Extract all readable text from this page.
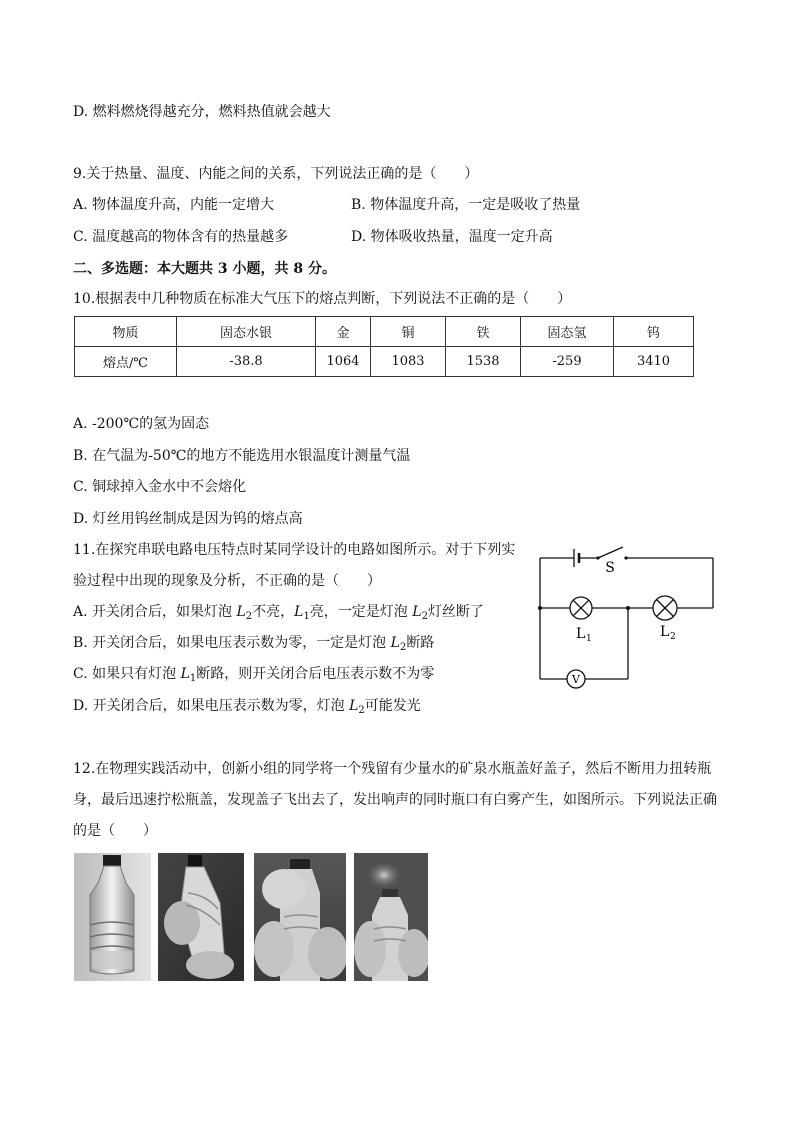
D. 燃料燃烧得越充分，燃料热值就会越大
9.关于热量、温度、内能之间的关系，下列说法正确的是（　　）
A. 物体温度升高，内能一定增大	B. 物体温度升高，一定是吸收了热量
C. 温度越高的物体含有的热量越多	D. 物体吸收热量，温度一定升高
二、多选题：本大题共 3 小题，共 8 分。
10.根据表中几种物质在标准大气压下的熔点判断，下列说法不正确的是（　　）
物质	固态水银	金	铜	铁	固态氢	钨
熔点/℃	-38.8	1064	1083	1538	-259	3410
A. -200℃的氢为固态
B. 在气温为-50℃的地方不能选用水银温度计测量气温
C. 铜球掉入金水中不会熔化
D. 灯丝用钨丝制成是因为钨的熔点高
11.在探究串联电路电压特点时某同学设计的电路如图所示。对于下列实
验过程中出现的现象及分析，不正确的是（　　）
A. 开关闭合后，如果灯泡 $L_2$不亮，$L_1$亮，一定是灯泡 $L_2$灯丝断了
B. 开关闭合后，如果电压表示数为零，一定是灯泡 $L_2$断路
C. 如果只有灯泡 $L_1$断路，则开关闭合后电压表示数不为零
D. 开关闭合后，如果电压表示数为零，灯泡 $L_2$可能发光
S
L 1	L 2
V
12.在物理实践活动中，创新小组的同学将一个残留有少量水的矿泉水瓶盖好盖子，然后不断用力扭转瓶
身，最后迅速拧松瓶盖，发现盖子飞出去了，发出响声的同时瓶口有白雾产生，如图所示。下列说法正确
的是（　　）
